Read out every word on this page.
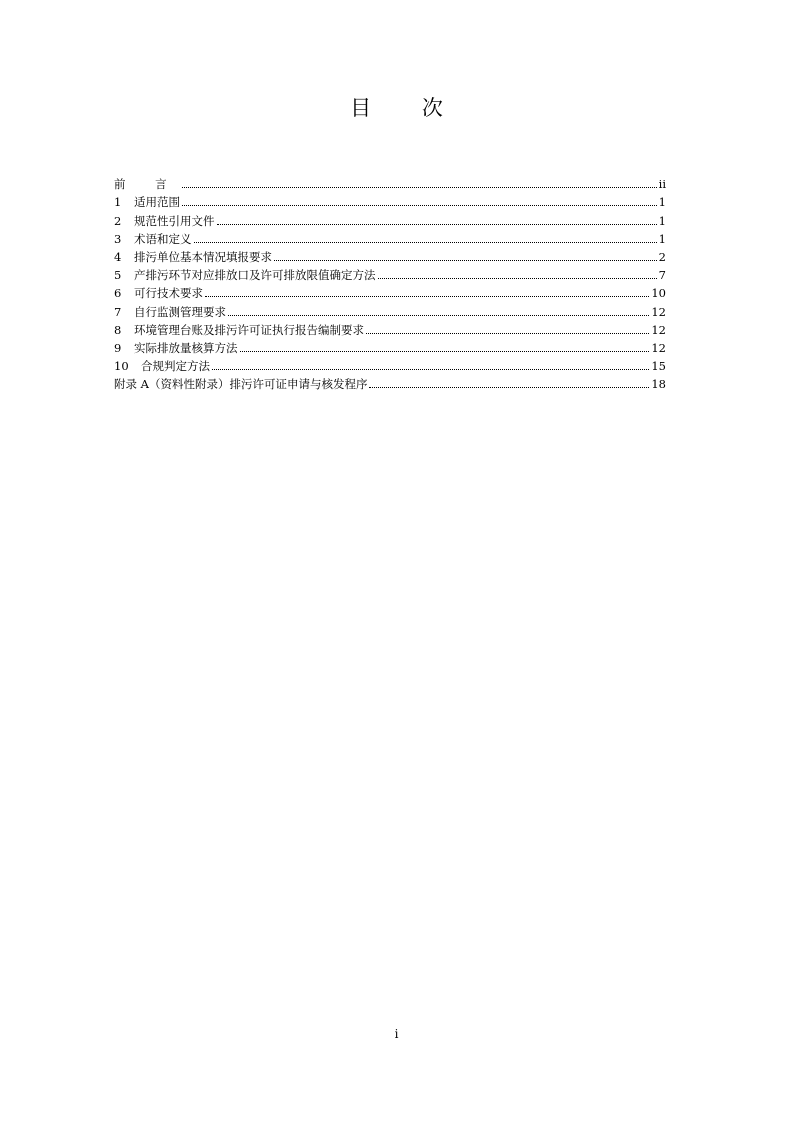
目 次
前 言	ii
1	适用范围	1
2	规范性引用文件	1
3	术语和定义	1
4	排污单位基本情况填报要求	2
5	产排污环节对应排放口及许可排放限值确定方法	7
6	可行技术要求	10
7	自行监测管理要求	12
8	环境管理台账及排污许可证执行报告编制要求	12
9	实际排放量核算方法	12
10	合规判定方法	15
附录 A（资料性附录）排污许可证申请与核发程序	18
i
